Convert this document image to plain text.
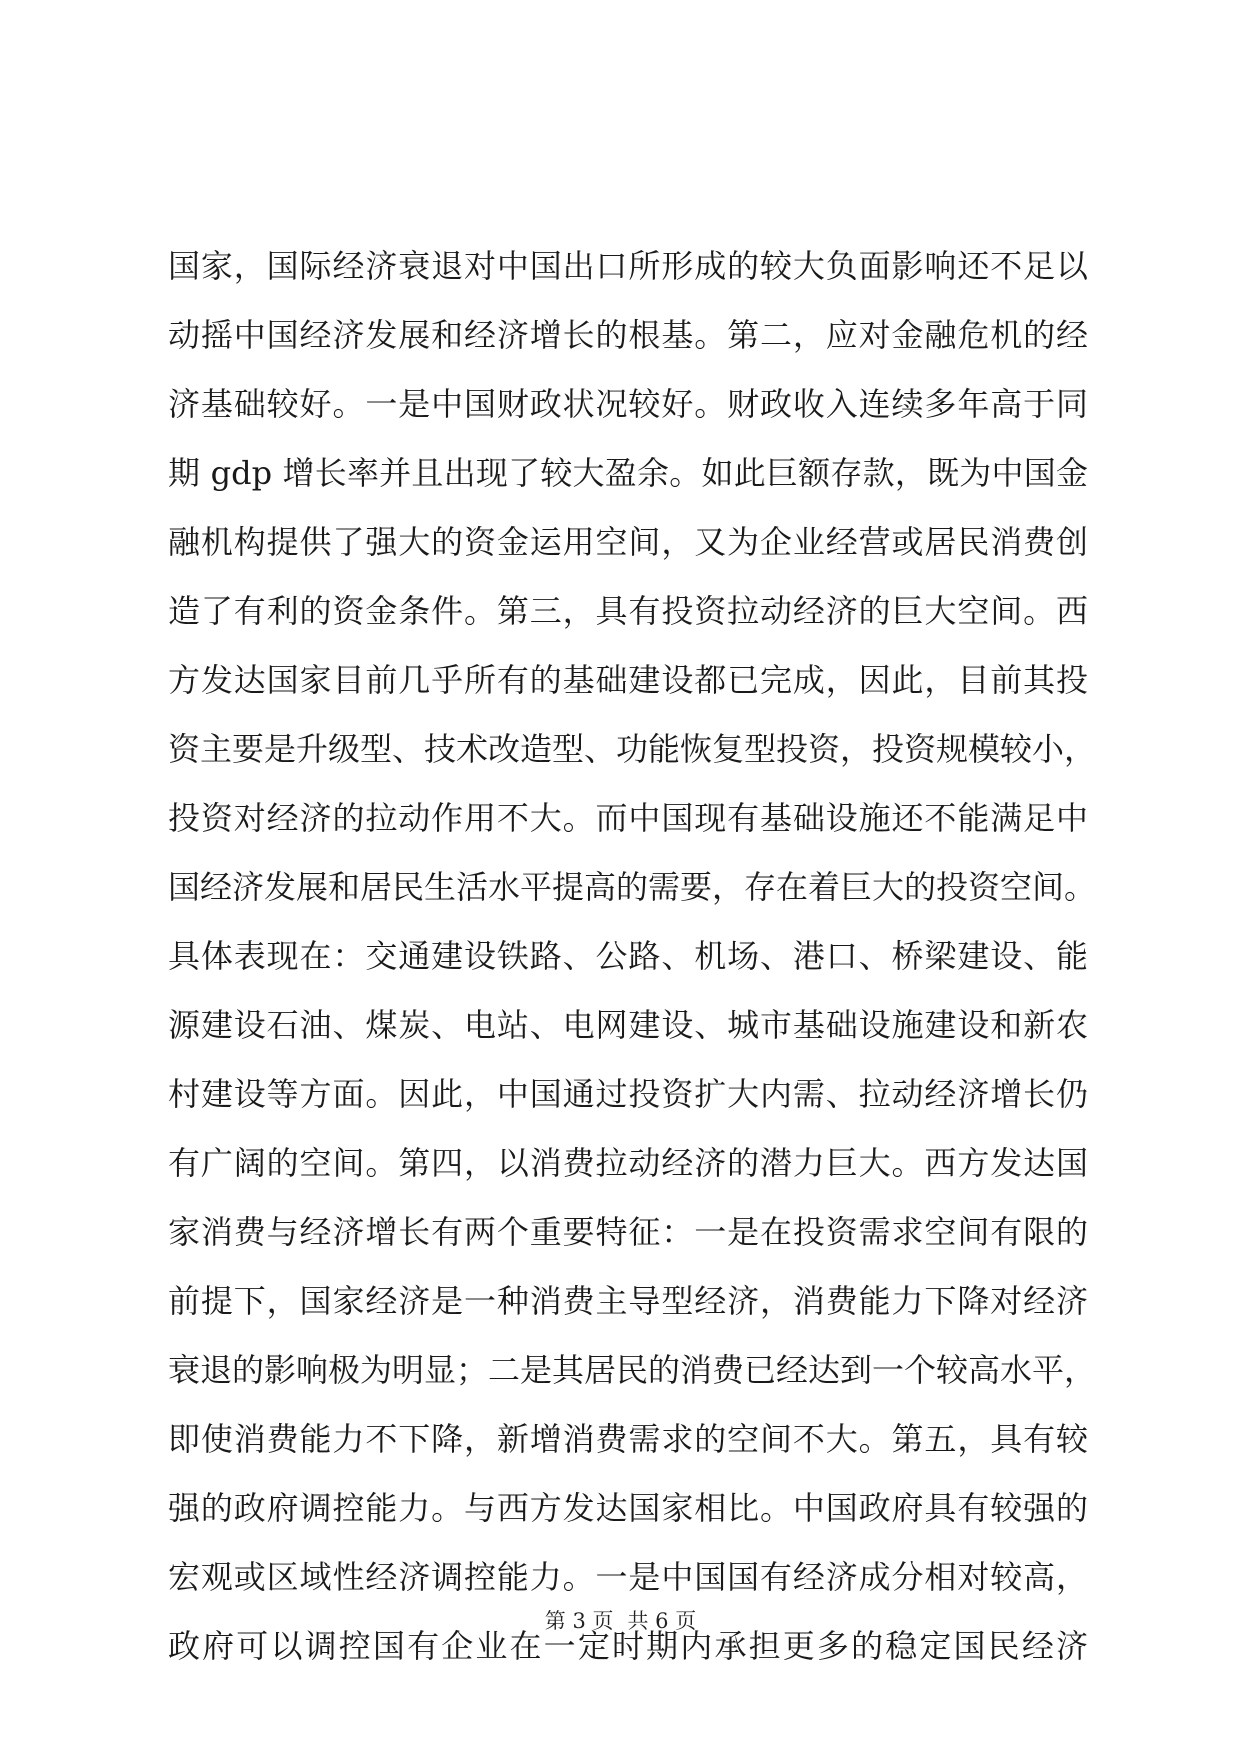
国家，国际经济衰退对中国出口所形成的较大负面影响还不足以
动摇中国经济发展和经济增长的根基。第二，应对金融危机的经
济基础较好。一是中国财政状况较好。财政收入连续多年高于同
期 gdp 增长率并且出现了较大盈余。如此巨额存款，既为中国金
融机构提供了强大的资金运用空间，又为企业经营或居民消费创
造了有利的资金条件。第三，具有投资拉动经济的巨大空间。西
方发达国家目前几乎所有的基础建设都已完成，因此，目前其投
资主要是升级型、技术改造型、功能恢复型投资，投资规模较小，
投资对经济的拉动作用不大。而中国现有基础设施还不能满足中
国经济发展和居民生活水平提高的需要，存在着巨大的投资空间。
具体表现在：交通建设铁路、公路、机场、港口、桥梁建设、能
源建设石油、煤炭、电站、电网建设、城市基础设施建设和新农
村建设等方面。因此，中国通过投资扩大内需、拉动经济增长仍
有广阔的空间。第四，以消费拉动经济的潜力巨大。西方发达国
家消费与经济增长有两个重要特征：一是在投资需求空间有限的
前提下，国家经济是一种消费主导型经济，消费能力下降对经济
衰退的影响极为明显；二是其居民的消费已经达到一个较高水平，
即使消费能力不下降，新增消费需求的空间不大。第五，具有较
强的政府调控能力。与西方发达国家相比。中国政府具有较强的
宏观或区域性经济调控能力。一是中国国有经济成分相对较高，
政府可以调控国有企业在一定时期内承担更多的稳定国民经济
第 3 页 共 6 页
